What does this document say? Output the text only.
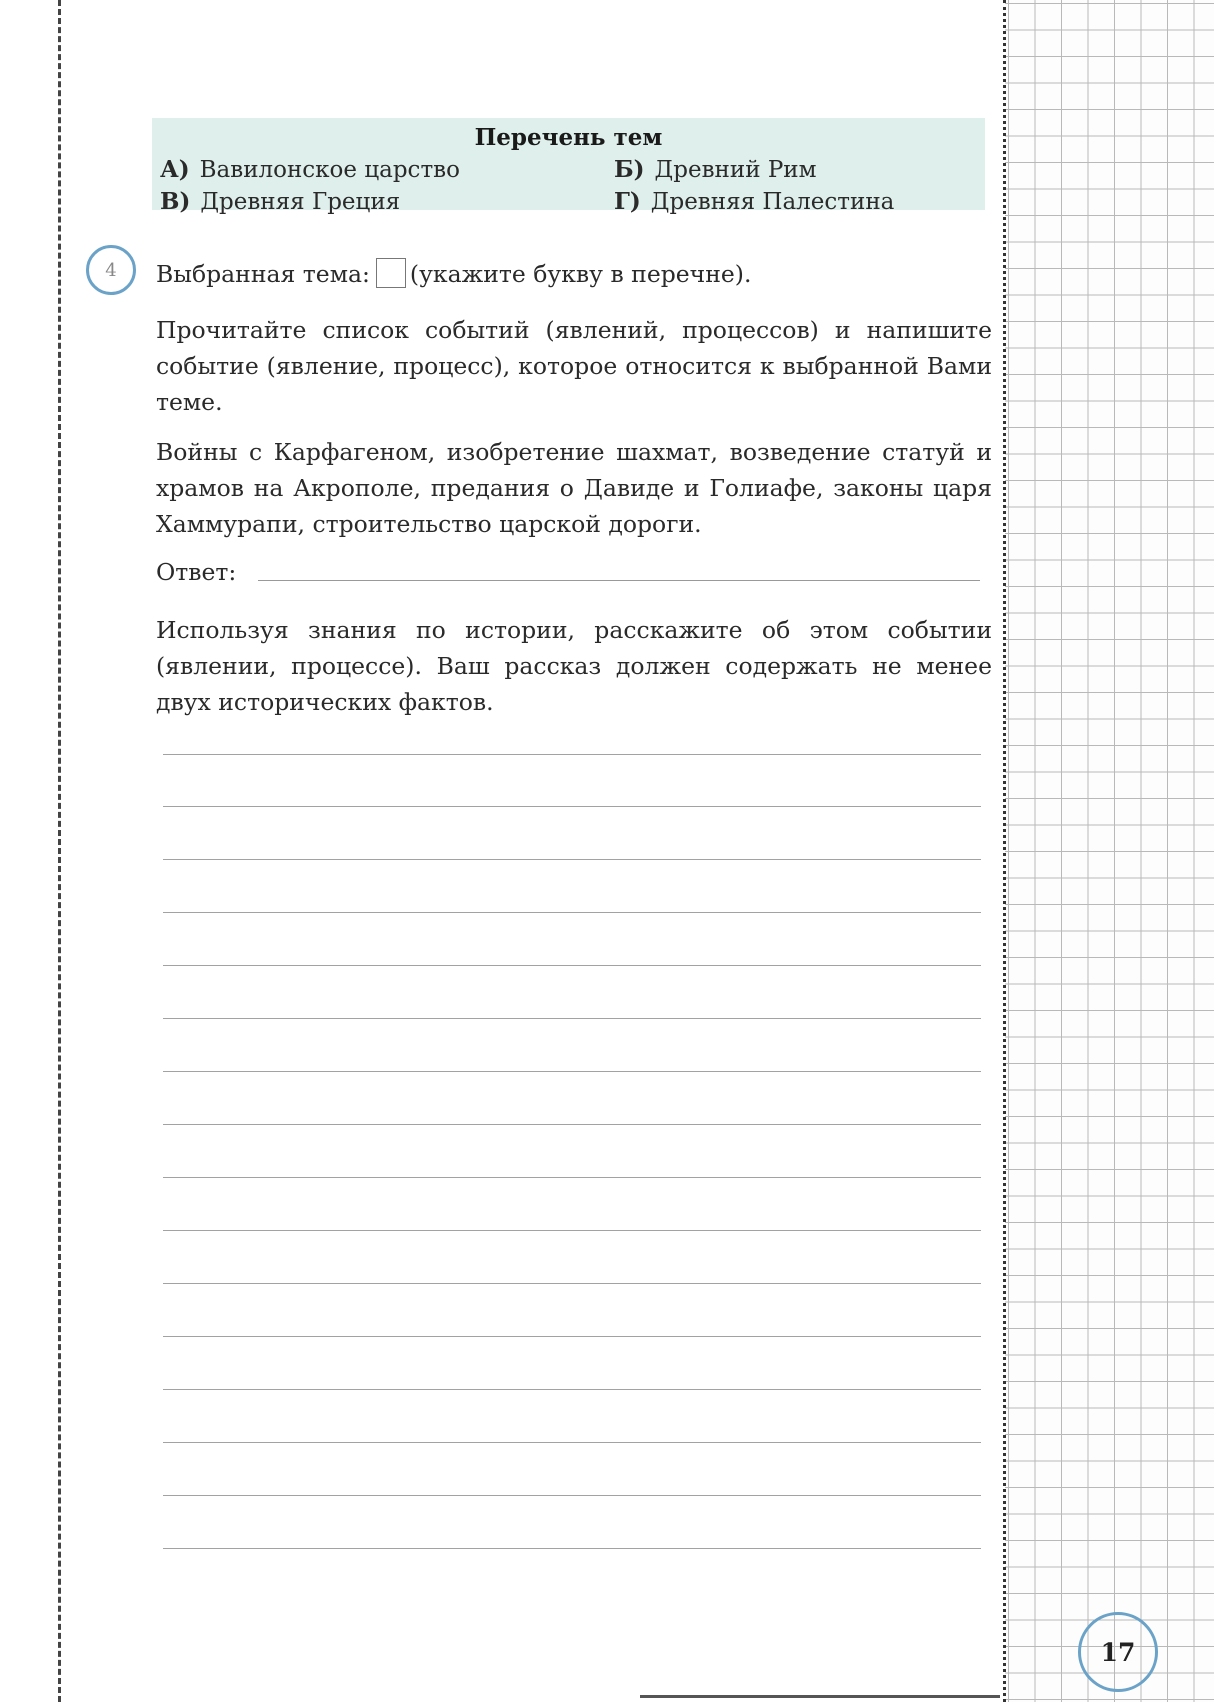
Перечень тем
А) Вавилонское царство	Б) Древний Рим
В) Древняя Греция	Г) Древняя Палестина
4	Выбранная тема: (укажите букву в перечне).
Прочитайте список событий (явлений, процессов) и напишите событие (явление, процесс), которое относится к выбранной Вами теме.
Войны с Карфагеном, изобретение шахмат, возведение статуй и храмов на Акрополе, предания о Давиде и Голиафе, законы царя Хаммурапи, строительство царской дороги.
Ответ:
Используя знания по истории, расскажите об этом событии (явлении, процессе). Ваш рассказ должен содержать не менее двух исторических фактов.
17
